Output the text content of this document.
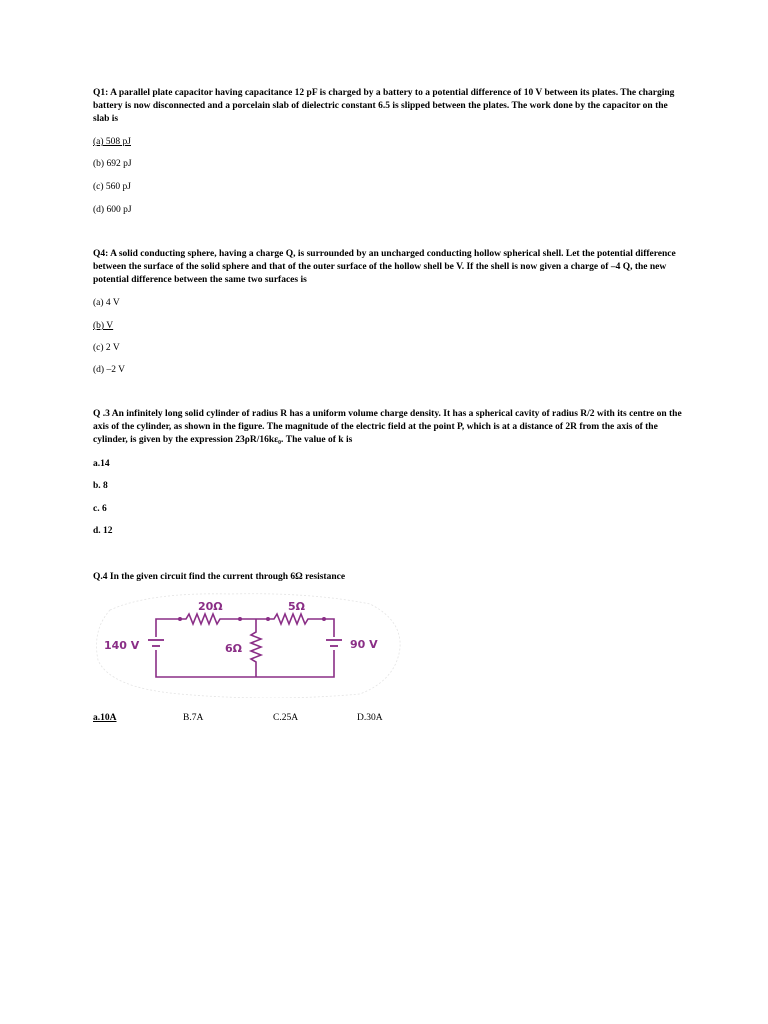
Q1: A parallel plate capacitor having capacitance 12 pF is charged by a battery to a potential difference of 10 V between its plates. The charging battery is now disconnected and a porcelain slab of dielectric constant 6.5 is slipped between the plates. The work done by the capacitor on the slab is
(a) 508 pJ
(b) 692 pJ
(c) 560 pJ
(d) 600 pJ
Q4: A solid conducting sphere, having a charge Q, is surrounded by an uncharged conducting hollow spherical shell. Let the potential difference between the surface of the solid sphere and that of the outer surface of the hollow shell be V. If the shell is now given a charge of –4 Q, the new potential difference between the same two surfaces is
(a) 4 V
(b) V
(c) 2 V
(d) –2 V
Q .3 An infinitely long solid cylinder of radius R has a uniform volume charge density. It has a spherical cavity of radius R/2 with its centre on the axis of the cylinder, as shown in the figure. The magnitude of the electric field at the point P, which is at a distance of 2R from the axis of the cylinder, is given by the expression 23ρR/16kε₀. The value of k is
a.14
b. 8
c. 6
d. 12
Q.4 In the given circuit find the current through 6Ω resistance
20Ω	5Ω
6Ω
140 V	90 V
a.10A	B.7A	C.25A	D.30A
